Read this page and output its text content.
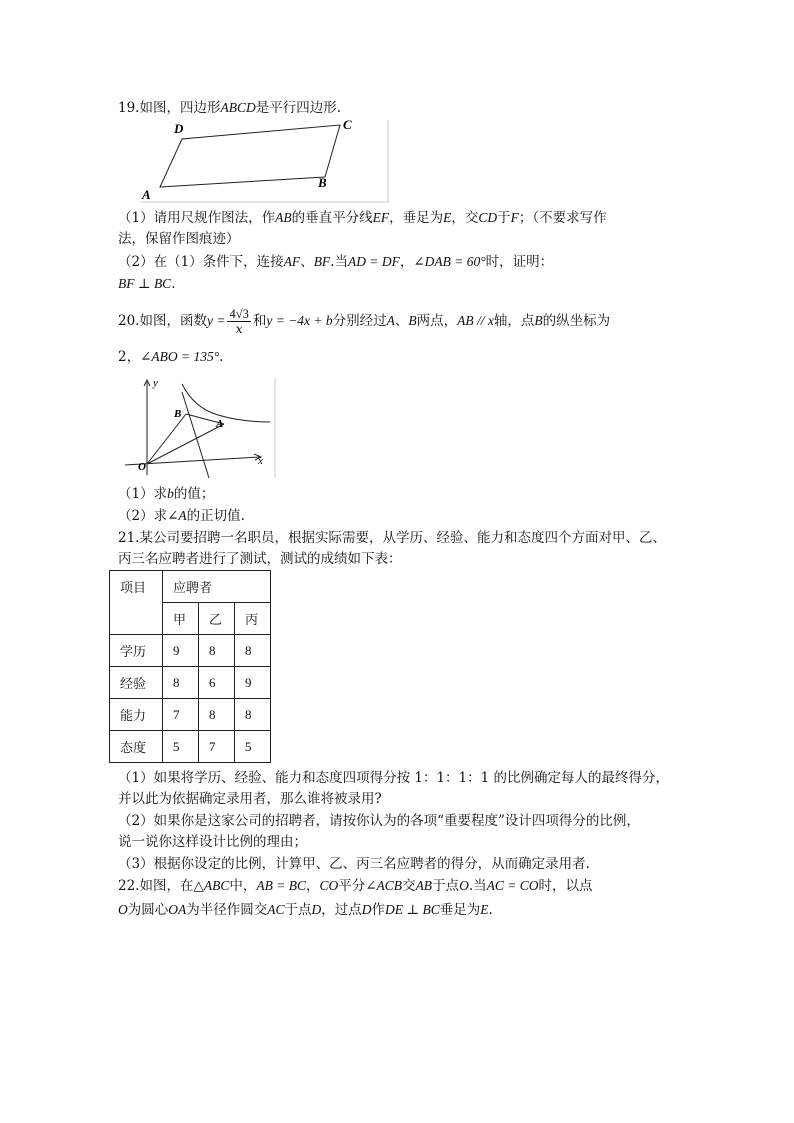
19.如图，四边形ABCD是平行四边形.
D	C
A
B
（1）请用尺规作图法，作AB的垂直平分线EF，垂足为E，交CD于F；（不要求写作
法，保留作图痕迹）
（2）在（1）条件下，连接AF、BF.当AD = DF，∠DAB = 60°时，证明：
BF ⊥ BC.
20.如图，函数$y = \frac{4√3}{x}$ 和y = −4x + b分别经过A、B两点，AB // x轴，点B的纵坐标为
2，∠ABO = 135°.
y
B
A
O	x
（1）求b的值；
（2）求∠A的正切值.
21.某公司要招聘一名职员，根据实际需要，从学历、经验、能力和态度四个方面对甲、乙、
丙三名应聘者进行了测试，测试的成绩如下表：
项目	应聘者		
	甲	乙	丙
学历	9	8	8
经验	8	6	9
能力	7	8	8
态度	5	7	5
（1）如果将学历、经验、能力和态度四项得分按 1：1：1：1 的比例确定每人的最终得分，
并以此为依据确定录用者，那么谁将被录用?
（2）如果你是这家公司的招聘者，请按你认为的各项“重要程度”设计四项得分的比例，
说一说你这样设计比例的理由；
（3）根据你设定的比例，计算甲、乙、丙三名应聘者的得分，从而确定录用者.
22.如图，在△ABC中，AB = BC，CO平分∠ACB交AB于点O.当AC = CO时，以点
O为圆心OA为半径作圆交AC于点D，过点D作DE ⊥ BC垂足为E.
